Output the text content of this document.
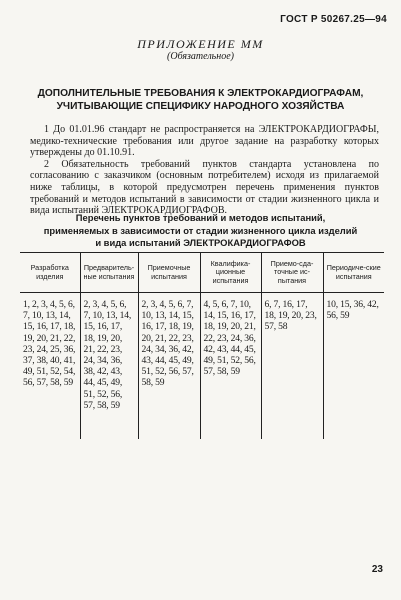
ГОСТ Р 50267.25—94
ПРИЛОЖЕНИЕ ММ
(Обязательное)
ДОПОЛНИТЕЛЬНЫЕ ТРЕБОВАНИЯ К ЭЛЕКТРОКАРДИОГРАФАМ,
УЧИТЫВАЮЩИЕ СПЕЦИФИКУ НАРОДНОГО ХОЗЯЙСТВА

1 До 01.01.96 стандарт не распространяется на ЭЛЕКТРОКАРДИОГРАФЫ, медико-технические требования или другое задание на разработку которых утверждены до 01.10.91.

2 Обязательность требований пунктов стандарта установлена по согласованию с заказчиком (основным потребителем) исходя из прилагаемой ниже таблицы, в которой предусмотрен перечень применения пунктов требований и методов испытаний в зависимости от стадии жизненного цикла и вида испытаний ЭЛЕКТРОКАРДИОГРАФОВ.

Перечень пунктов требований и методов испытаний,
применяемых в зависимости от стадии жизненного цикла изделий
и вида испытаний ЭЛЕКТРОКАРДИОГРАФОВ
Разработка изделия	Предваритель-ные испытания	Приемочные испытания	Квалифика-ционные испытания	Приемо-сда-точные ис-пытания	Периодиче-ские испытания
1, 2, 3, 4, 5, 6, 7, 10, 13, 14, 15, 16, 17, 18, 19, 20, 21, 22, 23, 24, 25, 36, 37, 38, 40, 41, 49, 51, 52, 54, 56, 57, 58, 59	2, 3, 4, 5, 6, 7, 10, 13, 14, 15, 16, 17, 18, 19, 20, 21, 22, 23, 24, 34, 36, 38, 42, 43, 44, 45, 49, 51, 52, 56, 57, 58, 59	2, 3, 4, 5, 6, 7, 10, 13, 14, 15, 16, 17, 18, 19, 20, 21, 22, 23, 24, 34, 36, 42, 43, 44, 45, 49, 51, 52, 56, 57, 58, 59	4, 5, 6, 7, 10, 14, 15, 16, 17, 18, 19, 20, 21, 22, 23, 24, 36, 42, 43, 44, 45, 49, 51, 52, 56, 57, 58, 59	6, 7, 16, 17, 18, 19, 20, 23, 57, 58	10, 15, 36, 42, 56, 59
23
